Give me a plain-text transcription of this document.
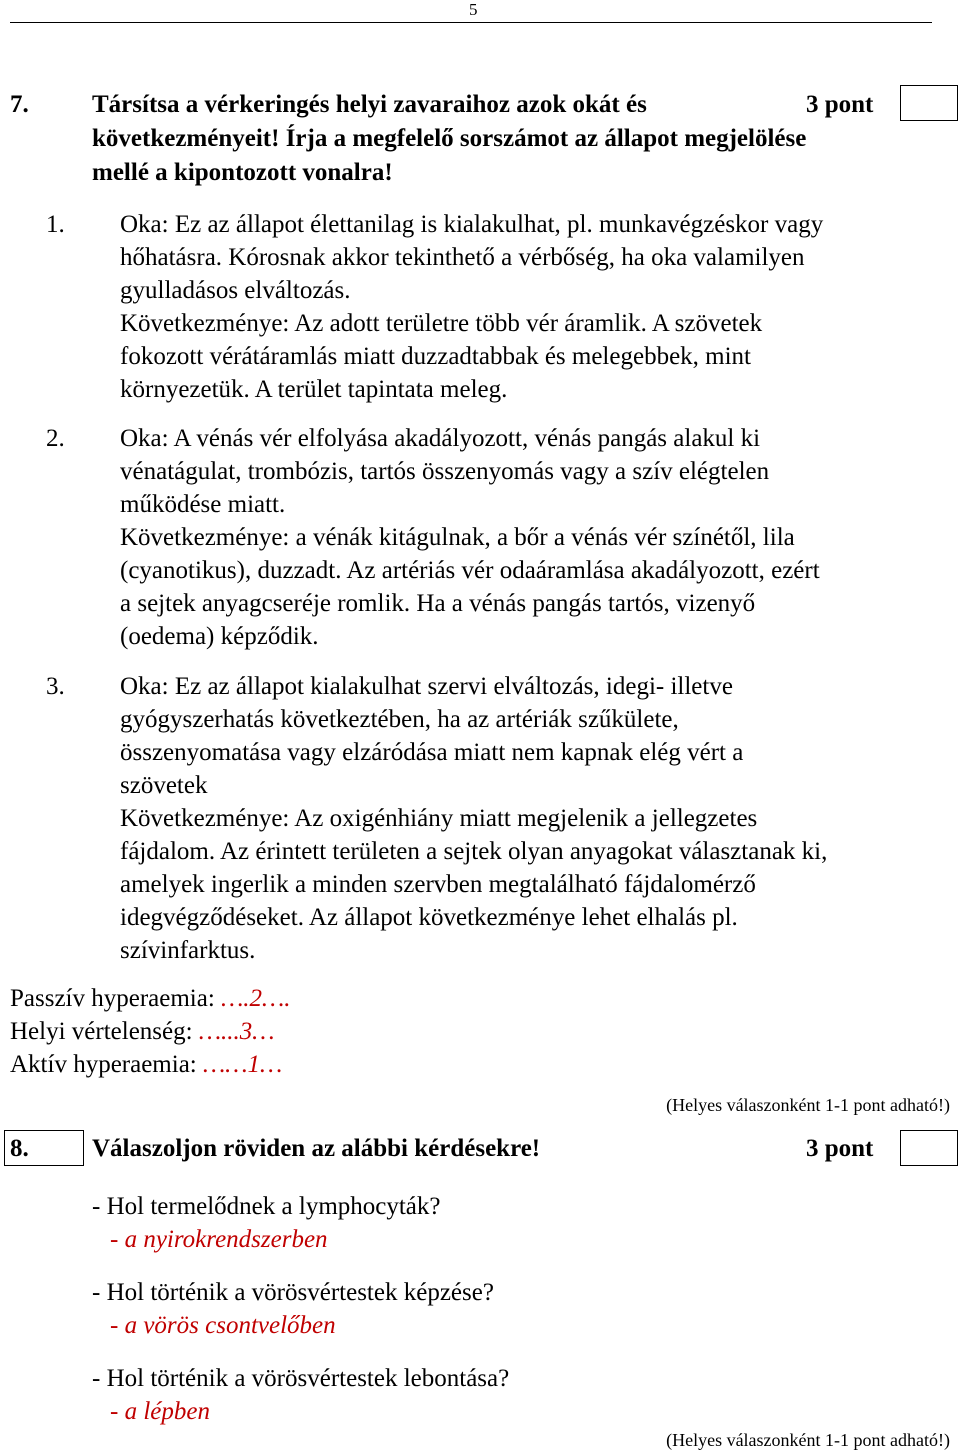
5
7.	Társítsa a vérkeringés helyi zavaraihoz azok okát és
következményeit! Írja a megfelelő sorszámot az állapot megjelölése
mellé a kipontozott vonalra!
3 pont
1. Oka: Ez az állapot élettanilag is kialakulhat, pl. munkavégzéskor vagy
hőhatásra. Kórosnak akkor tekinthető a vérbőség, ha oka valamilyen
gyulladásos elváltozás.
Következménye: Az adott területre több vér áramlik. A szövetek
fokozott vérátáramlás miatt duzzadtabbak és melegebbek, mint
környezetük. A terület tapintata meleg.
2. Oka: A vénás vér elfolyása akadályozott, vénás pangás alakul ki
vénatágulat, trombózis, tartós összenyomás vagy a szív elégtelen
működése miatt.
Következménye: a vénák kitágulnak, a bőr a vénás vér színétől, lila
(cyanotikus), duzzadt. Az artériás vér odaáramlása akadályozott, ezért
a sejtek anyagcseréje romlik. Ha a vénás pangás tartós, vizenyő
(oedema) képződik.
3. Oka: Ez az állapot kialakulhat szervi elváltozás, idegi- illetve
gyógyszerhatás következtében, ha az artériák szűkülete,
összenyomatása vagy elzáródása miatt nem kapnak elég vért a
szövetek
Következménye: Az oxigénhiány miatt megjelenik a jellegzetes
fájdalom. Az érintett területen a sejtek olyan anyagokat választanak ki,
amelyek ingerlik a minden szervben megtalálható fájdalomérző
idegvégződéseket. Az állapot következménye lehet elhalás pl.
szívinfarktus.
Passzív hyperaemia: ….2….
Helyi vértelenség: …...3…
Aktív hyperaemia: ……1…
(Helyes válaszonként 1-1 pont adható!)
8.	Válaszoljon röviden az alábbi kérdésekre!	3 pont
- Hol termelődnek a lymphocyták?
- a nyirokrendszerben
- Hol történik a vörösvértestek képzése?
- a vörös csontvelőben
- Hol történik a vörösvértestek lebontása?
- a lépben
(Helyes válaszonként 1-1 pont adható!)
